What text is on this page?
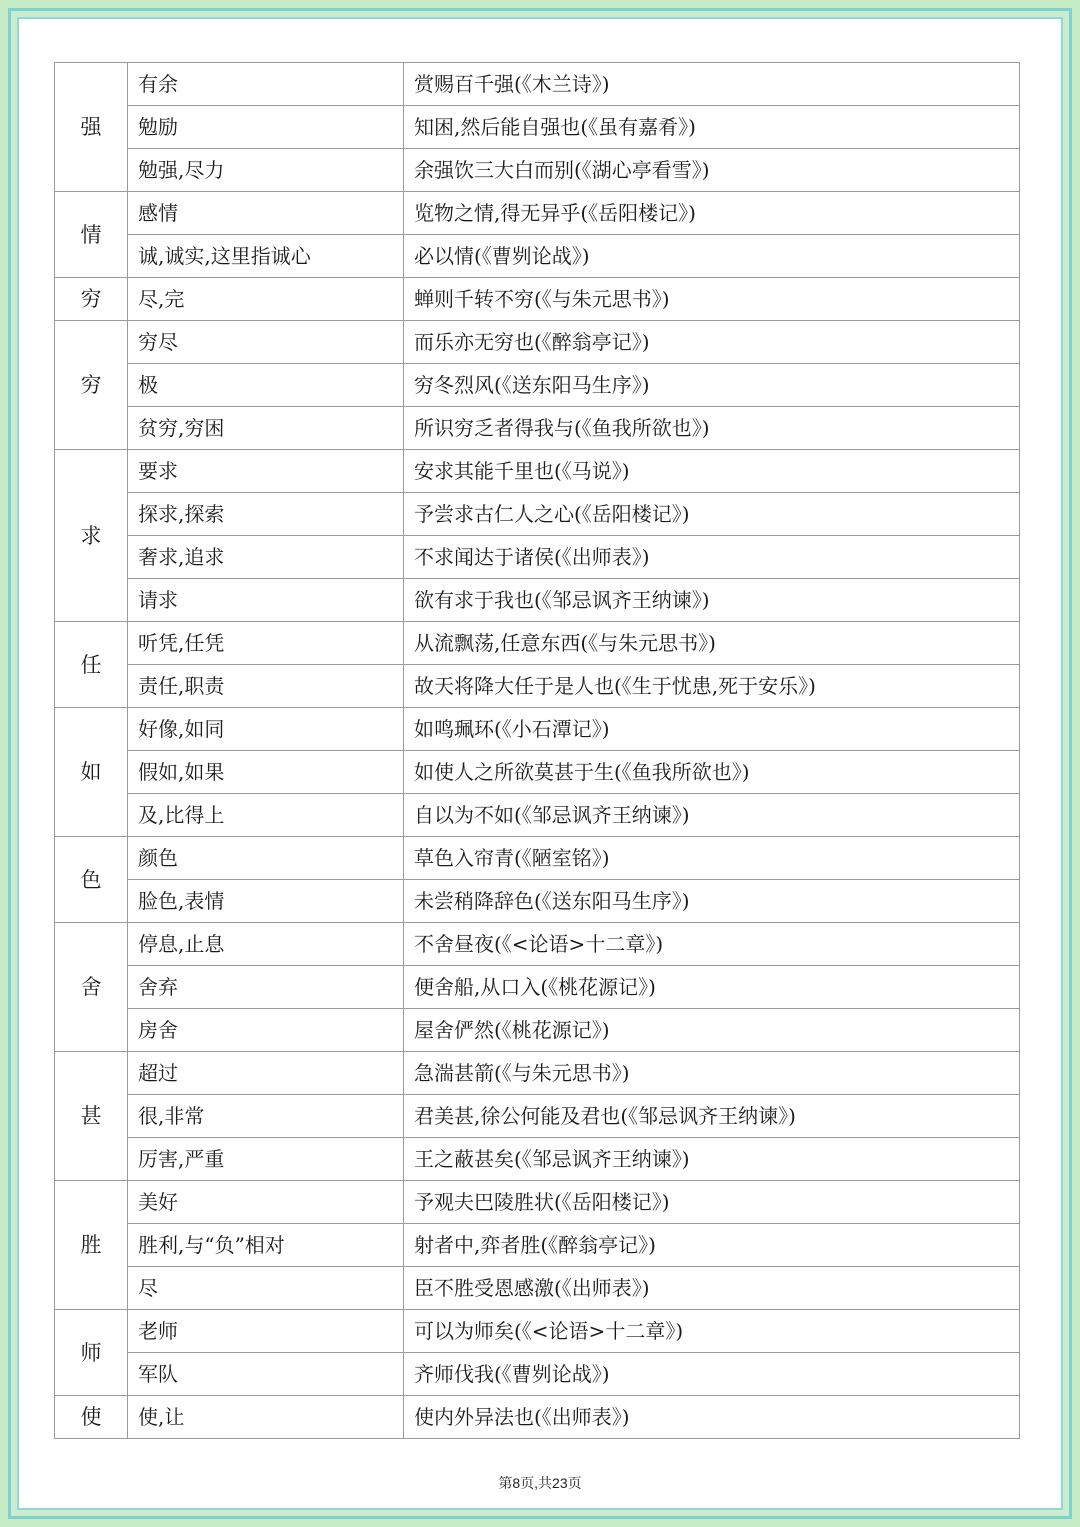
强	有余	赏赐百千强(《木兰诗》)
	勉励	知困,然后能自强也(《虽有嘉肴》)
	勉强,尽力	余强饮三大白而别(《湖心亭看雪》)
情	感情	览物之情,得无异乎(《岳阳楼记》)
	诚,诚实,这里指诚心	必以情(《曹刿论战》)
穷	尽,完	蝉则千转不穷(《与朱元思书》)
穷	穷尽	而乐亦无穷也(《醉翁亭记》)
	极	穷冬烈风(《送东阳马生序》)
	贫穷,穷困	所识穷乏者得我与(《鱼我所欲也》)
求	要求	安求其能千里也(《马说》)
	探求,探索	予尝求古仁人之心(《岳阳楼记》)
	奢求,追求	不求闻达于诸侯(《出师表》)
	请求	欲有求于我也(《邹忌讽齐王纳谏》)
任	听凭,任凭	从流飘荡,任意东西(《与朱元思书》)
	责任,职责	故天将降大任于是人也(《生于忧患,死于安乐》)
如	好像,如同	如鸣珮环(《小石潭记》)
	假如,如果	如使人之所欲莫甚于生(《鱼我所欲也》)
	及,比得上	自以为不如(《邹忌讽齐王纳谏》)
色	颜色	草色入帘青(《陋室铭》)
	脸色,表情	未尝稍降辞色(《送东阳马生序》)
舍	停息,止息	不舍昼夜(《<论语>十二章》)
	舍弃	便舍船,从口入(《桃花源记》)
	房舍	屋舍俨然(《桃花源记》)
甚	超过	急湍甚箭(《与朱元思书》)
	很,非常	君美甚,徐公何能及君也(《邹忌讽齐王纳谏》)
	厉害,严重	王之蔽甚矣(《邹忌讽齐王纳谏》)
胜	美好	予观夫巴陵胜状(《岳阳楼记》)
	胜利,与“负”相对	射者中,弈者胜(《醉翁亭记》)
	尽	臣不胜受恩感激(《出师表》)
师	老师	可以为师矣(《<论语>十二章》)
	军队	齐师伐我(《曹刿论战》)
使	使,让	使内外异法也(《出师表》)
第8页,共23页
